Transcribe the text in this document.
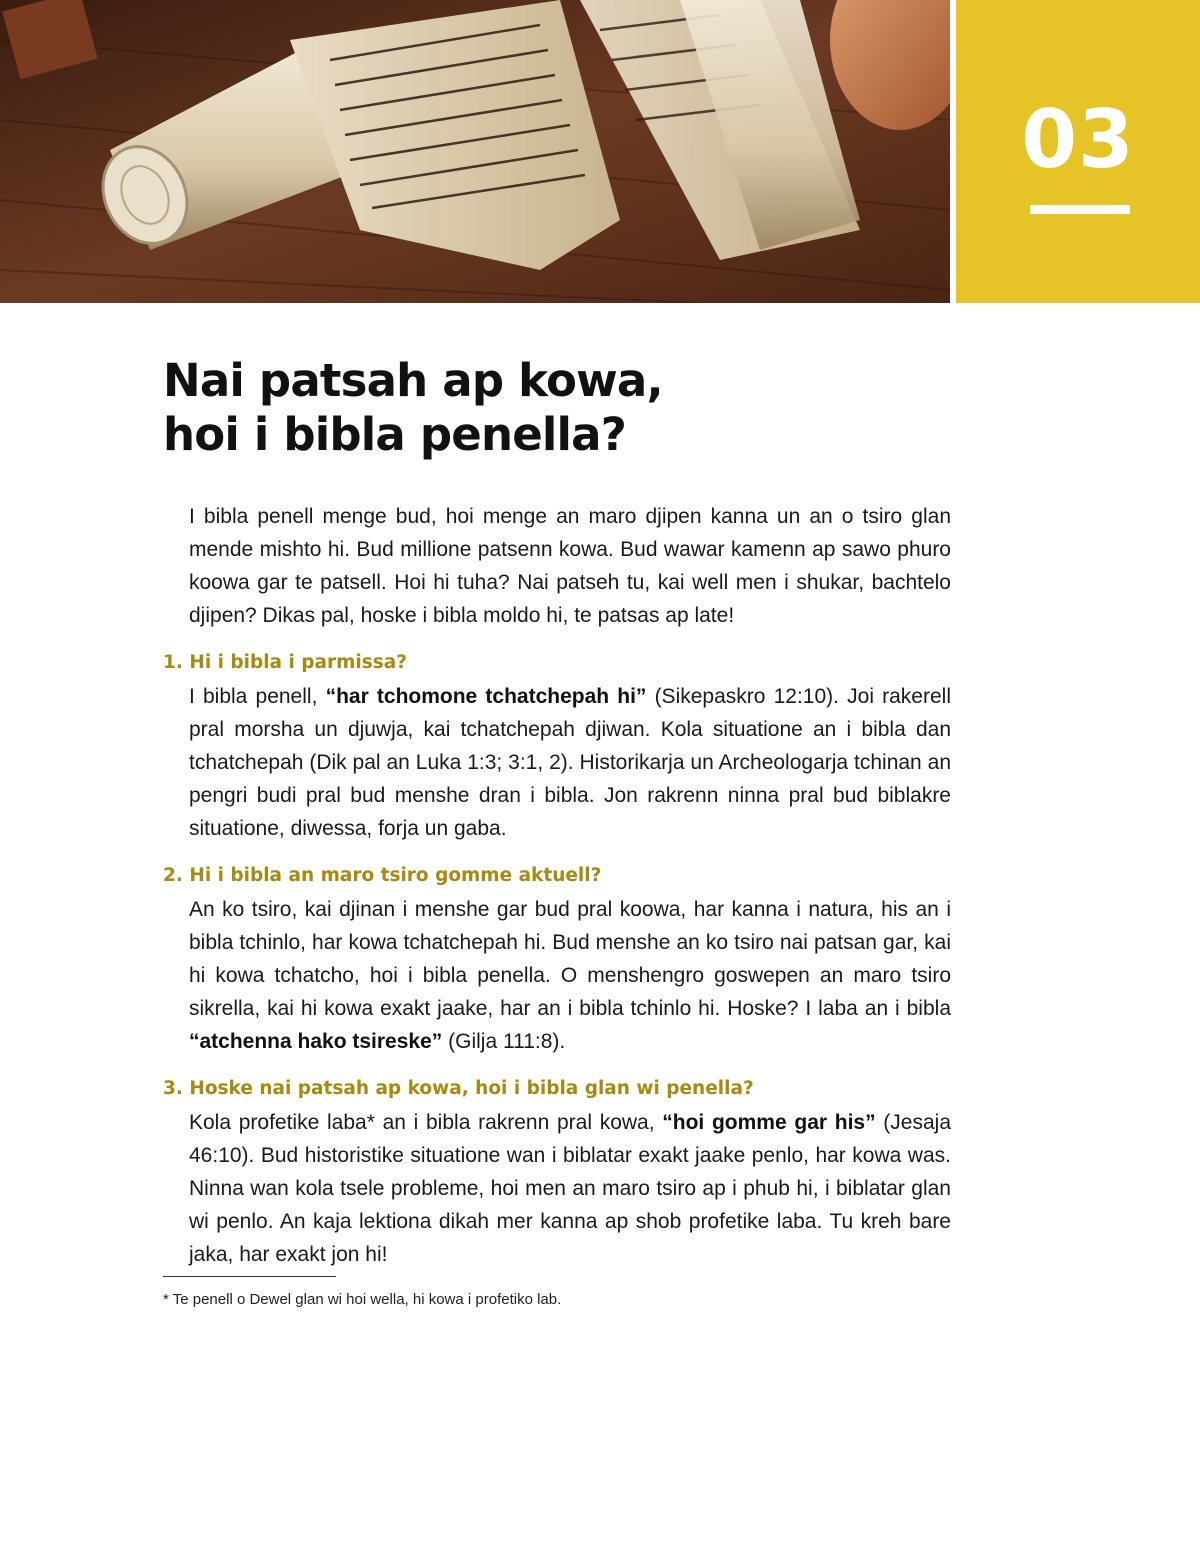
03
Nai patsah ap kowa,
hoi i bibla penella?

I bibla penell menge bud, hoi menge an maro djipen kanna un an o tsiro glan mende mishto hi. Bud millione patsenn kowa. Bud wawar kamenn ap sawo phuro koowa gar te patsell. Hoi hi tuha? Nai patseh tu, kai well men i shukar, bachtelo djipen? Dikas pal, hoske i bibla moldo hi, te patsas ap late!

1. Hi i bibla i parmissa?

I bibla penell, “har tchomone tchatchepah hi” (Sikepaskro 12:10). Joi rakerell pral morsha un djuwja, kai tchatchepah djiwan. Kola situatione an i bibla dan tchatchepah (Dik pal an Luka 1:3; 3:1, 2). Historikarja un Archeologarja tchinan an pengri budi pral bud menshe dran i bibla. Jon rakrenn ninna pral bud biblakre situatione, diwessa, forja un gaba.

2. Hi i bibla an maro tsiro gomme aktuell?

An ko tsiro, kai djinan i menshe gar bud pral koowa, har kanna i natura, his an i bibla tchinlo, har kowa tchatchepah hi. Bud menshe an ko tsiro nai patsan gar, kai hi kowa tchatcho, hoi i bibla penella. O menshengro goswepen an maro tsiro sikrella, kai hi kowa exakt jaake, har an i bibla tchinlo hi. Hoske? I laba an i bibla “atchenna hako tsireske” (Gilja 111:8).

3. Hoske nai patsah ap kowa, hoi i bibla glan wi penella?

Kola profetike laba* an i bibla rakrenn pral kowa, “hoi gomme gar his” (Jesaja 46:10). Bud historistike situatione wan i biblatar exakt jaake penlo, har kowa was. Ninna wan kola tsele probleme, hoi men an maro tsiro ap i phub hi, i biblatar glan wi penlo. An kaja lektiona dikah mer kanna ap shob profetike laba. Tu kreh bare jaka, har exakt jon hi!

* Te penell o Dewel glan wi hoi wella, hi kowa i profetiko lab.
